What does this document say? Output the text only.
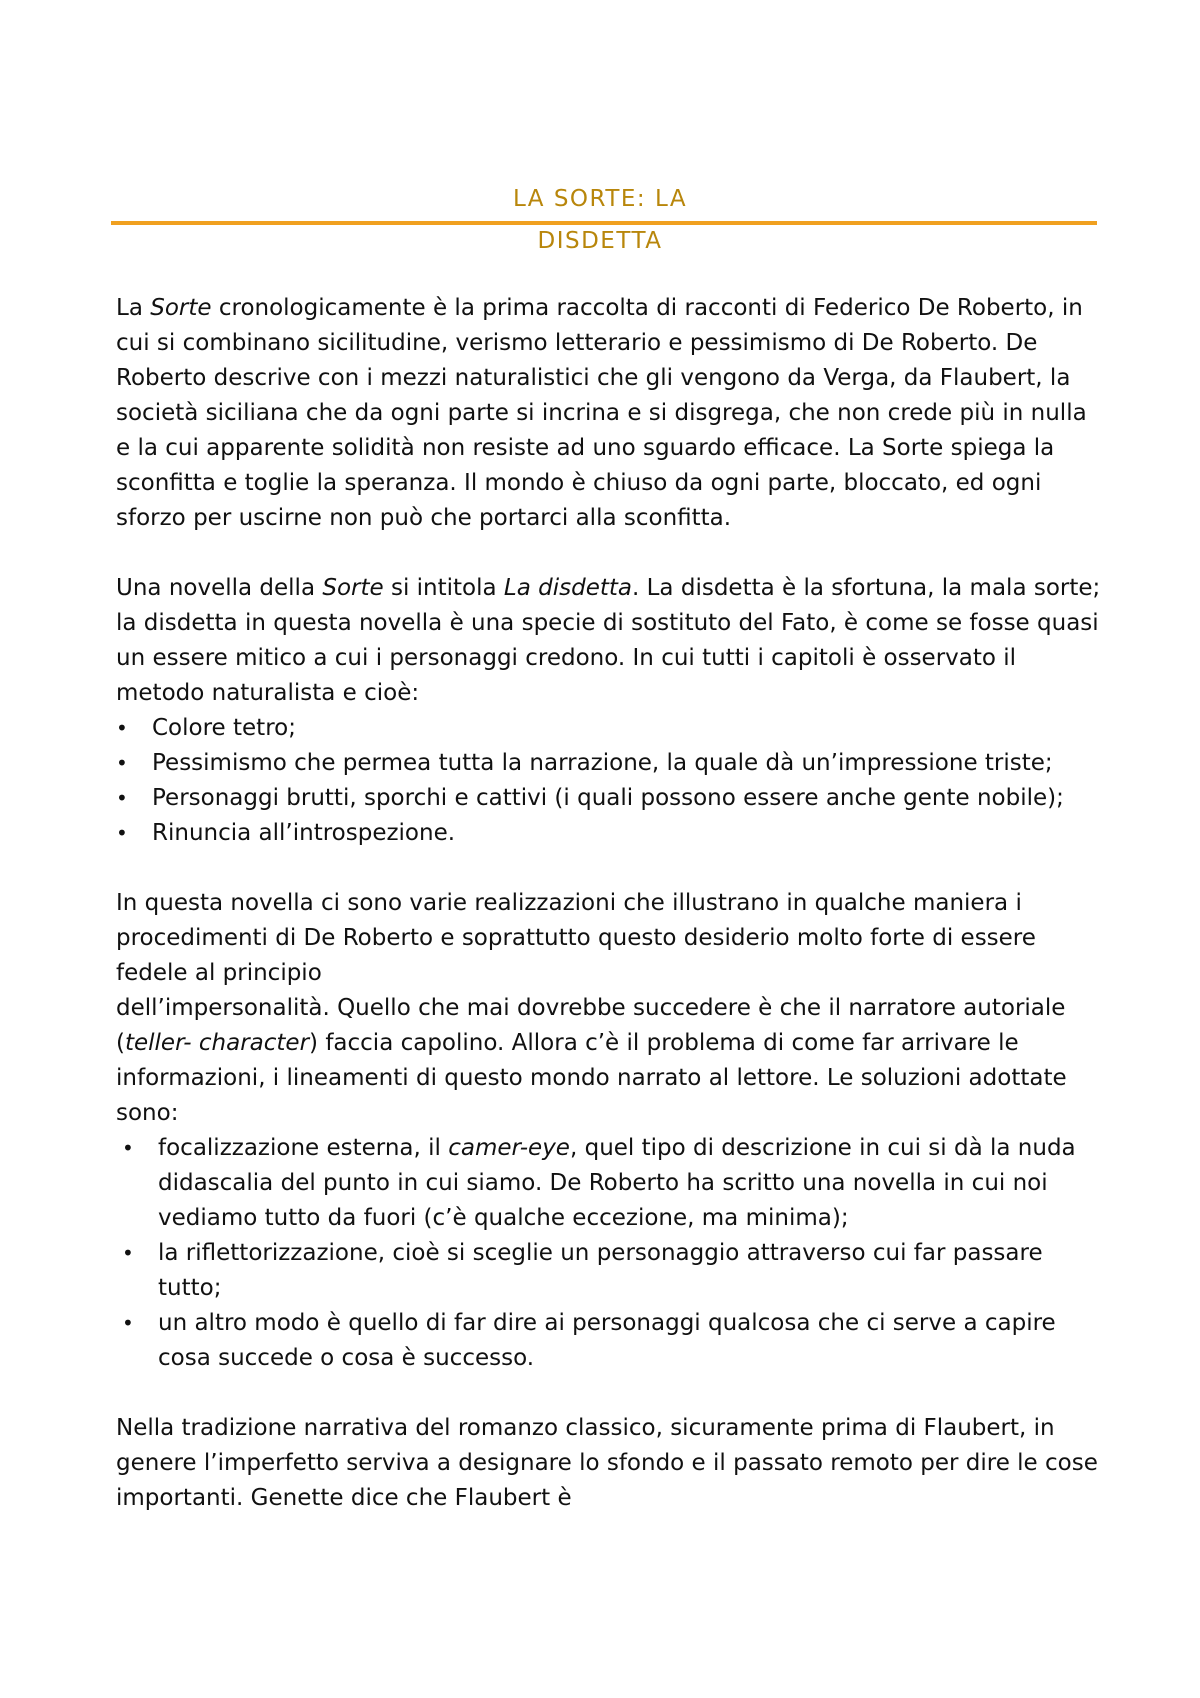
LA SORTE: LA
DISDETTA

La Sorte cronologicamente è la prima raccolta di racconti di Federico De Roberto, in cui si combinano sicilitudine, verismo letterario e pessimismo di De Roberto. De Roberto descrive con i mezzi naturalistici che gli vengono da Verga, da Flaubert, la società siciliana che da ogni parte si incrina e si disgrega, che non crede più in nulla e la cui apparente solidità non resiste ad uno sguardo efficace. La Sorte spiega la sconfitta e toglie la speranza. Il mondo è chiuso da ogni parte, bloccato, ed ogni sforzo per uscirne non può che portarci alla sconfitta.

Una novella della Sorte si intitola La disdetta. La disdetta è la sfortuna, la mala sorte; la disdetta in questa novella è una specie di sostituto del Fato, è come se fosse quasi un essere mitico a cui i personaggi credono. In cui tutti i capitoli è osservato il metodo naturalista e cioè:

• Colore tetro;
• Pessimismo che permea tutta la narrazione, la quale dà un’impressione triste;
• Personaggi brutti, sporchi e cattivi (i quali possono essere anche gente nobile);
• Rinuncia all’introspezione.

In questa novella ci sono varie realizzazioni che illustrano in qualche maniera i procedimenti di De Roberto e soprattutto questo desiderio molto forte di essere fedele al principio
dell’impersonalità. Quello che mai dovrebbe succedere è che il narratore autoriale (teller- character) faccia capolino. Allora c’è il problema di come far arrivare le informazioni, i lineamenti di questo mondo narrato al lettore. Le soluzioni adottate sono:

• focalizzazione esterna, il camer-eye, quel tipo di descrizione in cui si dà la nuda didascalia del punto in cui siamo. De Roberto ha scritto una novella in cui noi vediamo tutto da fuori (c’è qualche eccezione, ma minima);
• la riflettorizzazione, cioè si sceglie un personaggio attraverso cui far passare tutto;
• un altro modo è quello di far dire ai personaggi qualcosa che ci serve a capire cosa succede o cosa è successo.

Nella tradizione narrativa del romanzo classico, sicuramente prima di Flaubert, in genere l’imperfetto serviva a designare lo sfondo e il passato remoto per dire le cose importanti. Genette dice che Flaubert è
